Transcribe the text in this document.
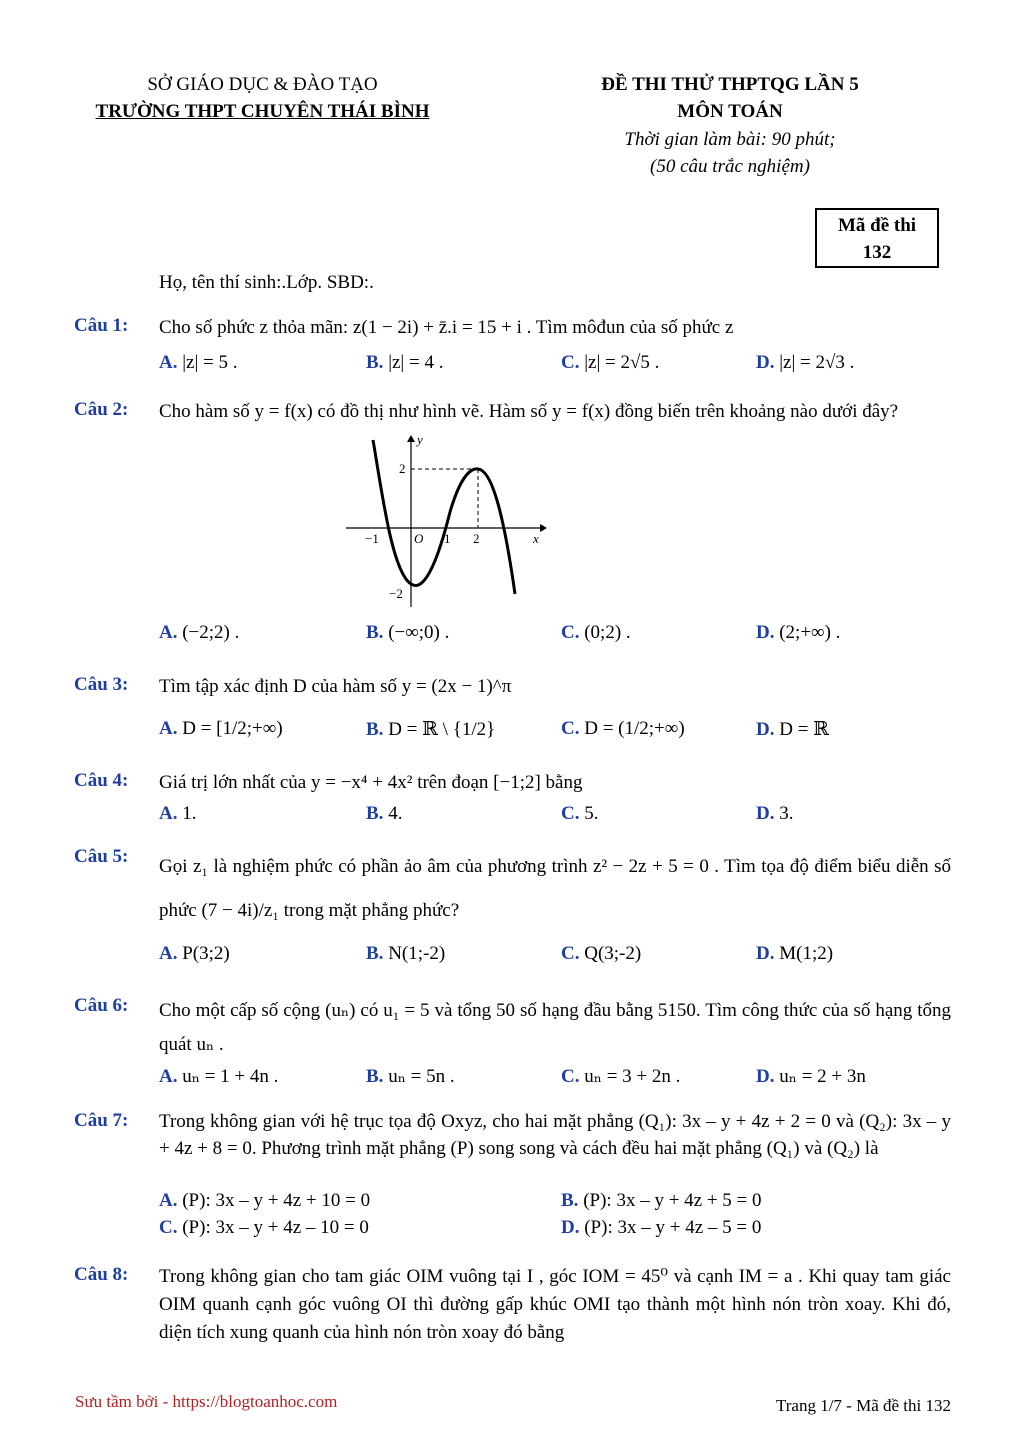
SỞ GIÁO DỤC & ĐÀO TẠO
TRƯỜNG THPT CHUYÊN THÁI BÌNH
ĐỀ THI THỬ THPTQG LẦN 5
MÔN TOÁN
Thời gian làm bài: 90 phút;
(50 câu trắc nghiệm)
Mã đề thi
132
Họ, tên thí sinh:.Lớp. SBD:.
Câu 1: Cho số phức z thỏa mãn: z(1 − 2i) + z̄.i = 15 + i . Tìm môđun của số phức z
A. |z| = 5 .	B. |z| = 4 .	C. |z| = 2√5 .	D. |z| = 2√3 .
Câu 2: Cho hàm số y = f(x) có đồ thị như hình vẽ. Hàm số y = f(x) đồng biến trên khoảng nào dưới đây?
y
x
O
−1	1 2
2
−2
A. (−2;2) .	B. (−∞;0) .	C. (0;2) .	D. (2;+∞) .
Câu 3: Tìm tập xác định D của hàm số y = (2x − 1)^π
A. D = [1/2;+∞)	B. D = ℝ \ {1/2}	C. D = (1/2;+∞)	D. D = ℝ
Câu 4: Giá trị lớn nhất của y = −x⁴ + 4x² trên đoạn [−1;2] bằng
A. 1.	B. 4.	C. 5.	D. 3.
Câu 5: Gọi z₁ là nghiệm phức có phần ảo âm của phương trình z² − 2z + 5 = 0 . Tìm tọa độ điểm biểu diễn số phức (7 − 4i)/z₁ trong mặt phẳng phức?
A. P(3;2)	B. N(1;-2)	C. Q(3;-2)	D. M(1;2)
Câu 6: Cho một cấp số cộng (uₙ) có u₁ = 5 và tổng 50 số hạng đầu bằng 5150. Tìm công thức của số hạng tổng quát uₙ .
A. uₙ = 1 + 4n .	B. uₙ = 5n .	C. uₙ = 3 + 2n .	D. uₙ = 2 + 3n
Câu 7: Trong không gian với hệ trục tọa độ Oxyz, cho hai mặt phẳng (Q₁): 3x – y + 4z + 2 = 0 và (Q₂): 3x – y + 4z + 8 = 0. Phương trình mặt phẳng (P) song song và cách đều hai mặt phẳng (Q₁) và (Q₂) là
A. (P): 3x – y + 4z + 10 = 0	B. (P): 3x – y + 4z + 5 = 0
C. (P): 3x – y + 4z – 10 = 0	D. (P): 3x – y + 4z – 5 = 0
Câu 8: Trong không gian cho tam giác OIM vuông tại I , góc IOM = 45⁰ và cạnh IM = a . Khi quay tam giác OIM quanh cạnh góc vuông OI thì đường gấp khúc OMI tạo thành một hình nón tròn xoay. Khi đó, diện tích xung quanh của hình nón tròn xoay đó bằng
Sưu tầm bởi - https://blogtoanhoc.com	Trang 1/7 - Mã đề thi 132
